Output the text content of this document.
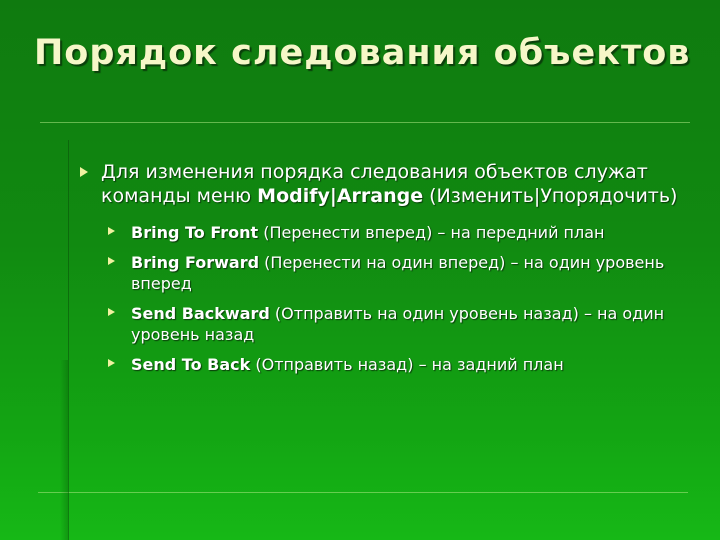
Порядок следования объектов
Для изменения порядка следования объектов служат команды меню Modify|Arrange (Изменить|Упорядочить)
Bring To Front (Перенести вперед) – на передний план
Bring Forward (Перенести на один вперед) – на один уровень вперед
Send Backward (Отправить на один уровень назад) – на один уровень назад
Send To Back (Отправить назад) – на задний план
